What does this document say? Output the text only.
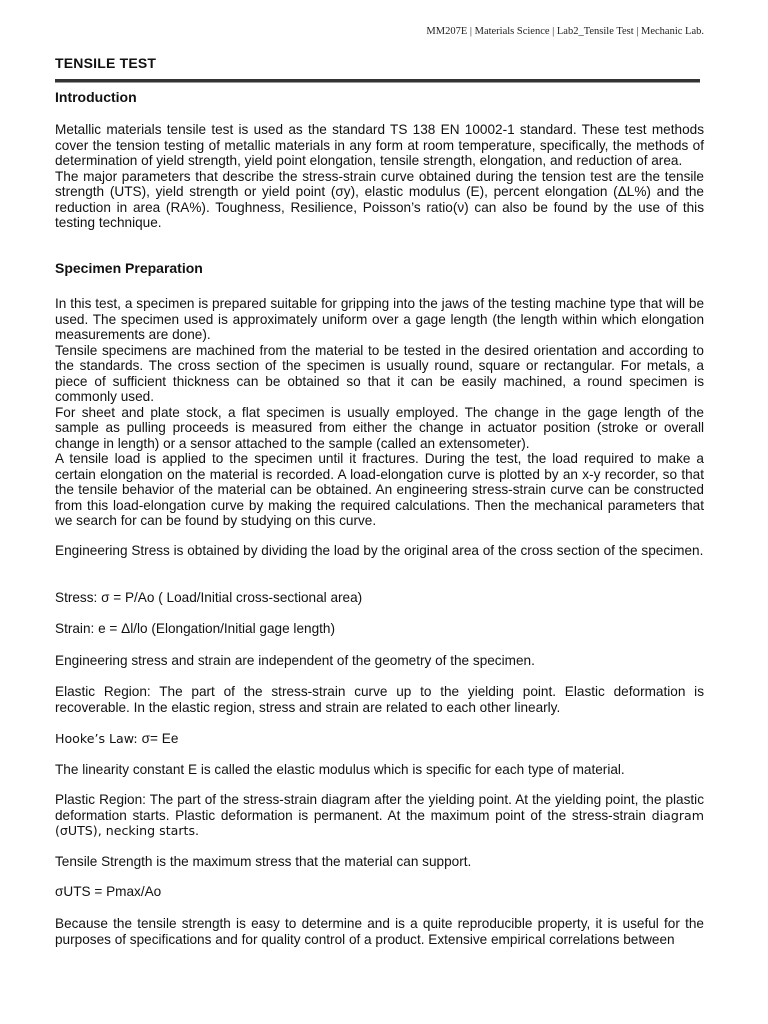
MM207E | Materials Science | Lab2_Tensile Test | Mechanic Lab.
TENSILE TEST
Introduction

Metallic materials tensile test is used as the standard TS 138 EN 10002-1 standard. These test methods cover the tension testing of metallic materials in any form at room temperature, specifically, the methods of determination of yield strength, yield point elongation, tensile strength, elongation, and reduction of area.

The major parameters that describe the stress-strain curve obtained during the tension test are the tensile strength (UTS), yield strength or yield point (σy), elastic modulus (E), percent elongation (ΔL%) and the reduction in area (RA%). Toughness, Resilience, Poisson’s ratio(ν) can also be found by the use of this testing technique.

Specimen Preparation

In this test, a specimen is prepared suitable for gripping into the jaws of the testing machine type that will be used. The specimen used is approximately uniform over a gage length (the length within which elongation measurements are done).

Tensile specimens are machined from the material to be tested in the desired orientation and according to the standards. The cross section of the specimen is usually round, square or rectangular. For metals, a piece of sufficient thickness can be obtained so that it can be easily machined, a round specimen is commonly used.

For sheet and plate stock, a flat specimen is usually employed. The change in the gage length of the sample as pulling proceeds is measured from either the change in actuator position (stroke or overall change in length) or a sensor attached to the sample (called an extensometer).

A tensile load is applied to the specimen until it fractures. During the test, the load required to make a certain elongation on the material is recorded. A load-elongation curve is plotted by an x-y recorder, so that the tensile behavior of the material can be obtained. An engineering stress-strain curve can be constructed from this load-elongation curve by making the required calculations. Then the mechanical parameters that we search for can be found by studying on this curve.

Engineering Stress is obtained by dividing the load by the original area of the cross section of the specimen.
Stress: σ = P/Ao ( Load/Initial cross-sectional area)
Strain: e = Δl/lo (Elongation/Initial gage length)
Engineering stress and strain are independent of the geometry of the specimen.
Elastic Region: The part of the stress-strain curve up to the yielding point. Elastic deformation is recoverable. In the elastic region, stress and strain are related to each other linearly.
Hooke’s Law: σ= Ee
The linearity constant E is called the elastic modulus which is specific for each type of material.
Plastic Region: The part of the stress-strain diagram after the yielding point. At the yielding point, the plastic deformation starts. Plastic deformation is permanent. At the maximum point of the stress-strain diagram (σUTS), necking starts.
Tensile Strength is the maximum stress that the material can support.
σUTS = Pmax/Ao
Because the tensile strength is easy to determine and is a quite reproducible property, it is useful for the purposes of specifications and for quality control of a product. Extensive empirical correlations between
